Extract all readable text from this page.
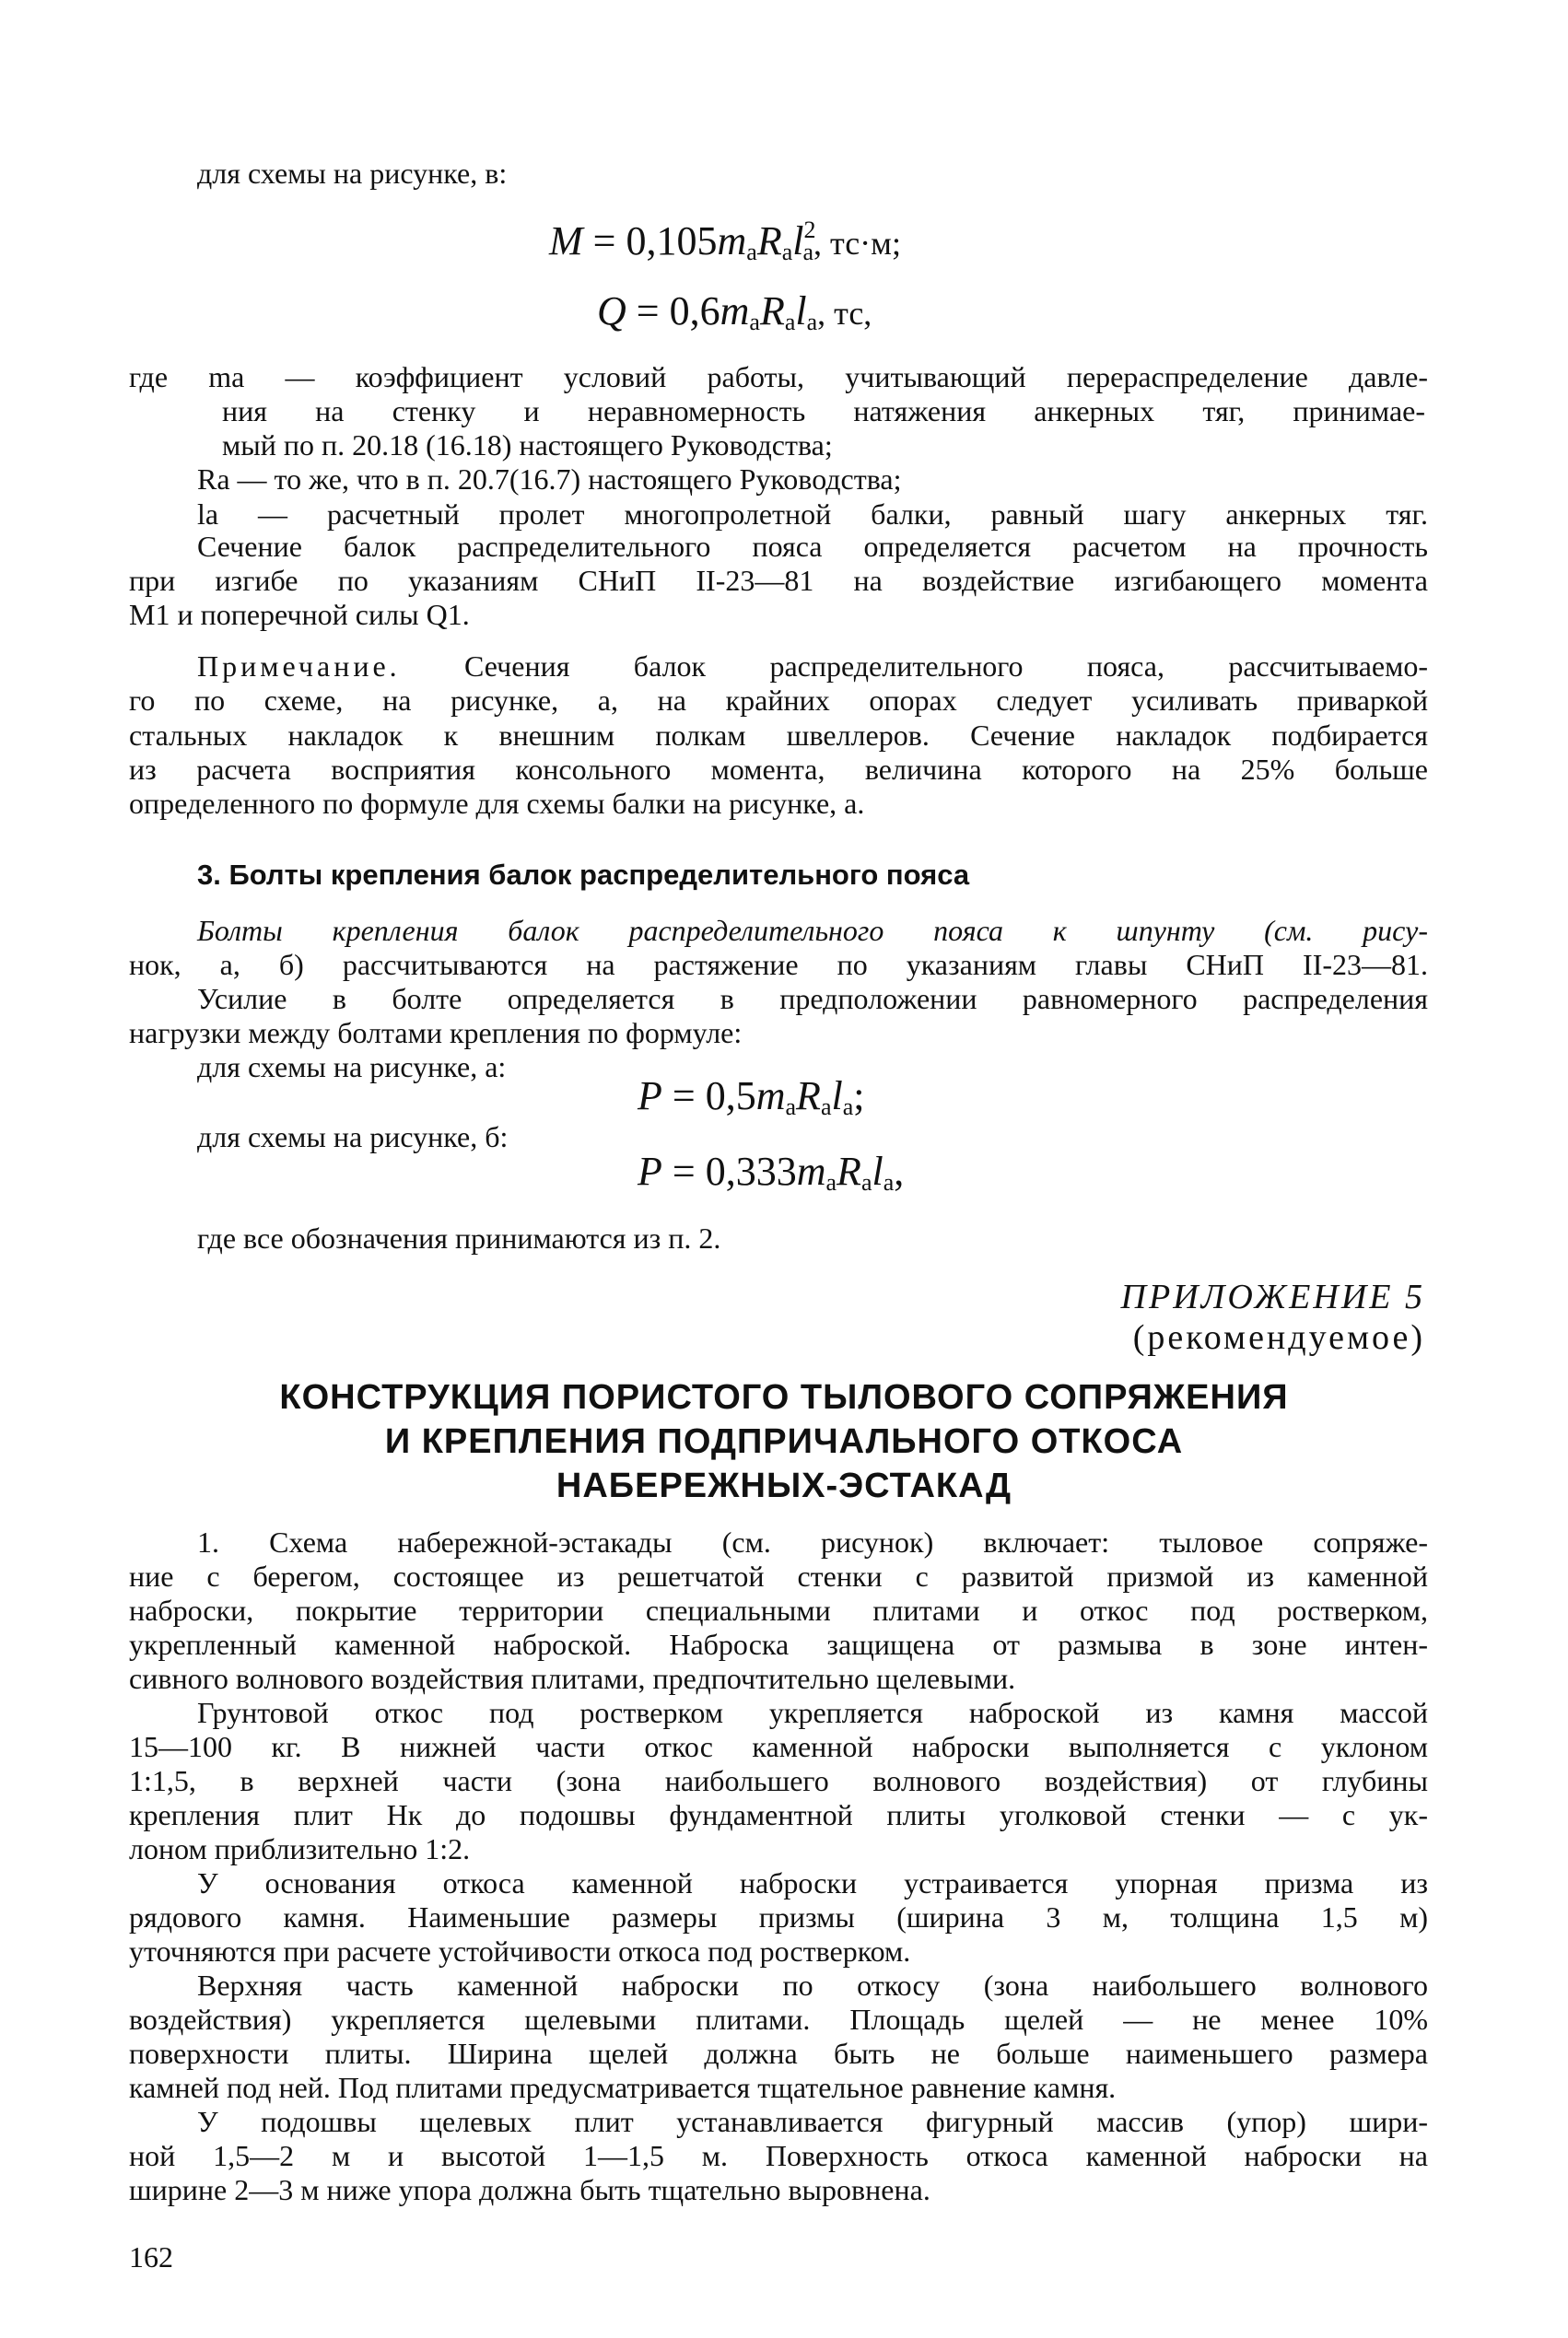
для схемы на рисунке, в:
$M = 0,105m_aR_al^2_a$, тс·м;
$Q = 0,6m_aR_al_a$, тс,
где mа — коэффициент условий работы, учитывающий перераспределение давле-
ния на стенку и неравномерность натяжения анкерных тяг, принимае-
мый по п. 20.18 (16.18) настоящего Руководства;
Rа — то же, что в п. 20.7(16.7) настоящего Руководства;
lа — расчетный пролет многопролетной балки, равный шагу анкерных тяг.
Сечение балок распределительного пояса определяется расчетом на прочность
при изгибе по указаниям СНиП II-23—81 на воздействие изгибающего момента
M1 и поперечной силы Q1.
Примечание. Сечения балок распределительного пояса, рассчитываемо-
го по схеме, на рисунке, а, на крайних опорах следует усиливать приваркой
стальных накладок к внешним полкам швеллеров. Сечение накладок подбирается
из расчета восприятия консольного момента, величина которого на 25% больше
определенного по формуле для схемы балки на рисунке, а.
3. Болты крепления балок распределительного пояса
Болты крепления балок распределительного пояса к шпунту (см. рису-
нок, а, б) рассчитываются на растяжение по указаниям главы СНиП II-23—81.
Усилие в болте определяется в предположении равномерного распределения
нагрузки между болтами крепления по формуле:
для схемы на рисунке, а:
$P = 0,5m_aR_al_a$;
для схемы на рисунке, б:
$P = 0,333m_aR_al_a$,
где все обозначения принимаются из п. 2.
ПРИЛОЖЕНИЕ 5
(рекомендуемое)
КОНСТРУКЦИЯ ПОРИСТОГО ТЫЛОВОГО СОПРЯЖЕНИЯ
И КРЕПЛЕНИЯ ПОДПРИЧАЛЬНОГО ОТКОСА
НАБЕРЕЖНЫХ-ЭСТАКАД
1. Схема набережной-эстакады (см. рисунок) включает: тыловое сопряже-
ние с берегом, состоящее из решетчатой стенки с развитой призмой из каменной
наброски, покрытие территории специальными плитами и откос под ростверком,
укрепленный каменной наброской. Наброска защищена от размыва в зоне интен-
сивного волнового воздействия плитами, предпочтительно щелевыми.
Грунтовой откос под ростверком укрепляется наброской из камня массой
15—100 кг. В нижней части откос каменной наброски выполняется с уклоном
1:1,5, в верхней части (зона наибольшего волнового воздействия) от глубины
крепления плит Hк до подошвы фундаментной плиты уголковой стенки — с ук-
лоном приблизительно 1:2.
У основания откоса каменной наброски устраивается упорная призма из
рядового камня. Наименьшие размеры призмы (ширина 3 м, толщина 1,5 м)
уточняются при расчете устойчивости откоса под ростверком.
Верхняя часть каменной наброски по откосу (зона наибольшего волнового
воздействия) укрепляется щелевыми плитами. Площадь щелей — не менее 10%
поверхности плиты. Ширина щелей должна быть не больше наименьшего размера
камней под ней. Под плитами предусматривается тщательное равнение камня.
У подошвы щелевых плит устанавливается фигурный массив (упор) шири-
ной 1,5—2 м и высотой 1—1,5 м. Поверхность откоса каменной наброски на
ширине 2—3 м ниже упора должна быть тщательно выровнена.
162
